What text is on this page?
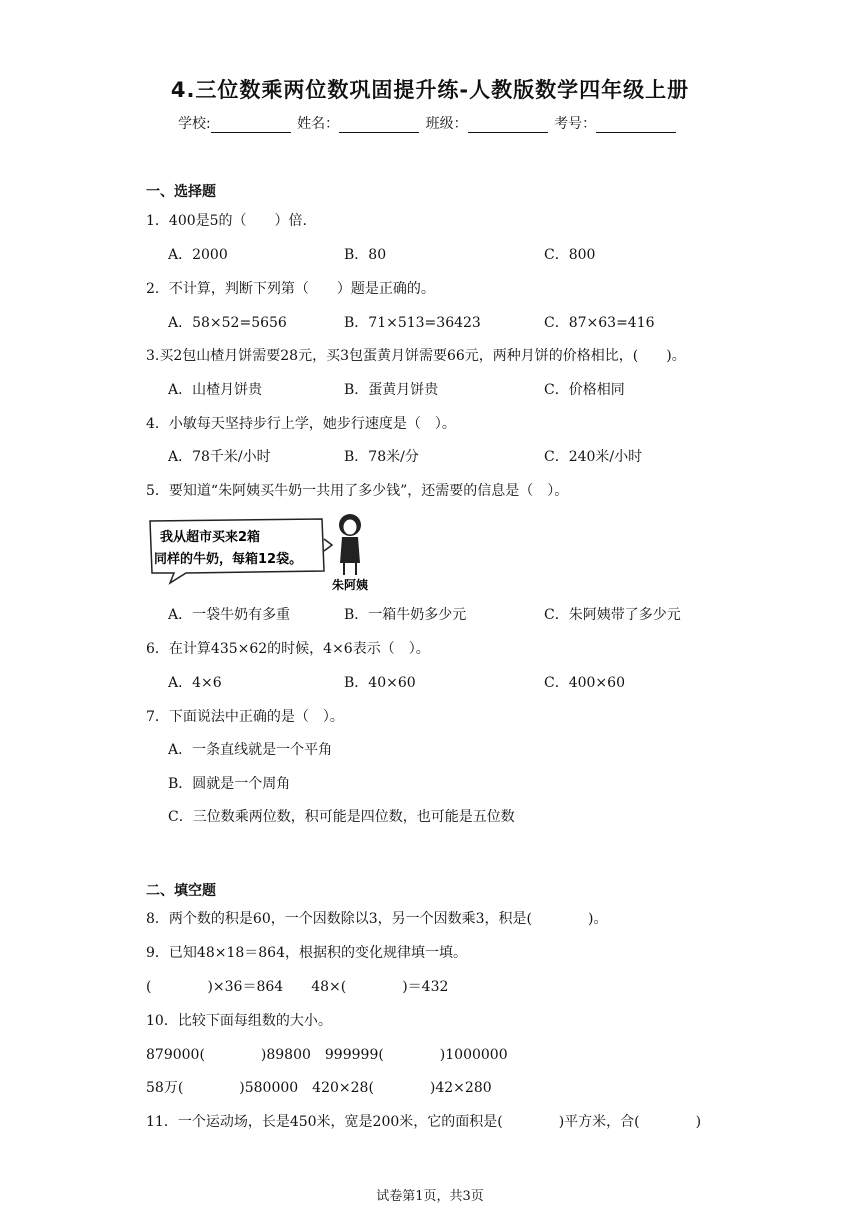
4.三位数乘两位数巩固提升练-人教版数学四年级上册
学校:	姓名：	班级：	考号：
一、选择题
1．400是5的（　　）倍.
A．2000	B．80	C．800
2．不计算，判断下列第（　　）题是正确的。
A．58×52=5656	B．71×513=36423	C．87×63=416
3.买2包山楂月饼需要28元，买3包蛋黄月饼需要66元，两种月饼的价格相比，(　　)。
A．山楂月饼贵	B．蛋黄月饼贵	C．价格相同
4．小敏每天坚持步行上学，她步行速度是（　）。
A．78千米/小时	B．78米/分	C．240米/小时
5．要知道“朱阿姨买牛奶一共用了多少钱”，还需要的信息是（　）。
我从超市买来2箱
同样的牛奶，每箱12袋。
朱阿姨
A．一袋牛奶有多重	B．一箱牛奶多少元	C．朱阿姨带了多少元
6．在计算435×62的时候，4×6表示（　）。
A．4×6	B．40×60	C．400×60
7．下面说法中正确的是（　）。
A．一条直线就是一个平角
B．圆就是一个周角
C．三位数乘两位数，积可能是四位数，也可能是五位数
二、填空题
8．两个数的积是60，一个因数除以3，另一个因数乘3，积是(　　　　)。
9．已知48×18＝864，根据积的变化规律填一填。
(　　　　)×36＝864　　48×(　　　　)＝432
10．比较下面每组数的大小。
879000(　　　　)89800　999999(　　　　)1000000
58万(　　　　)580000　420×28(　　　　)42×280
11．一个运动场，长是450米，宽是200米，它的面积是(　　　　)平方米，合(　　　　)
试卷第1页，共3页
